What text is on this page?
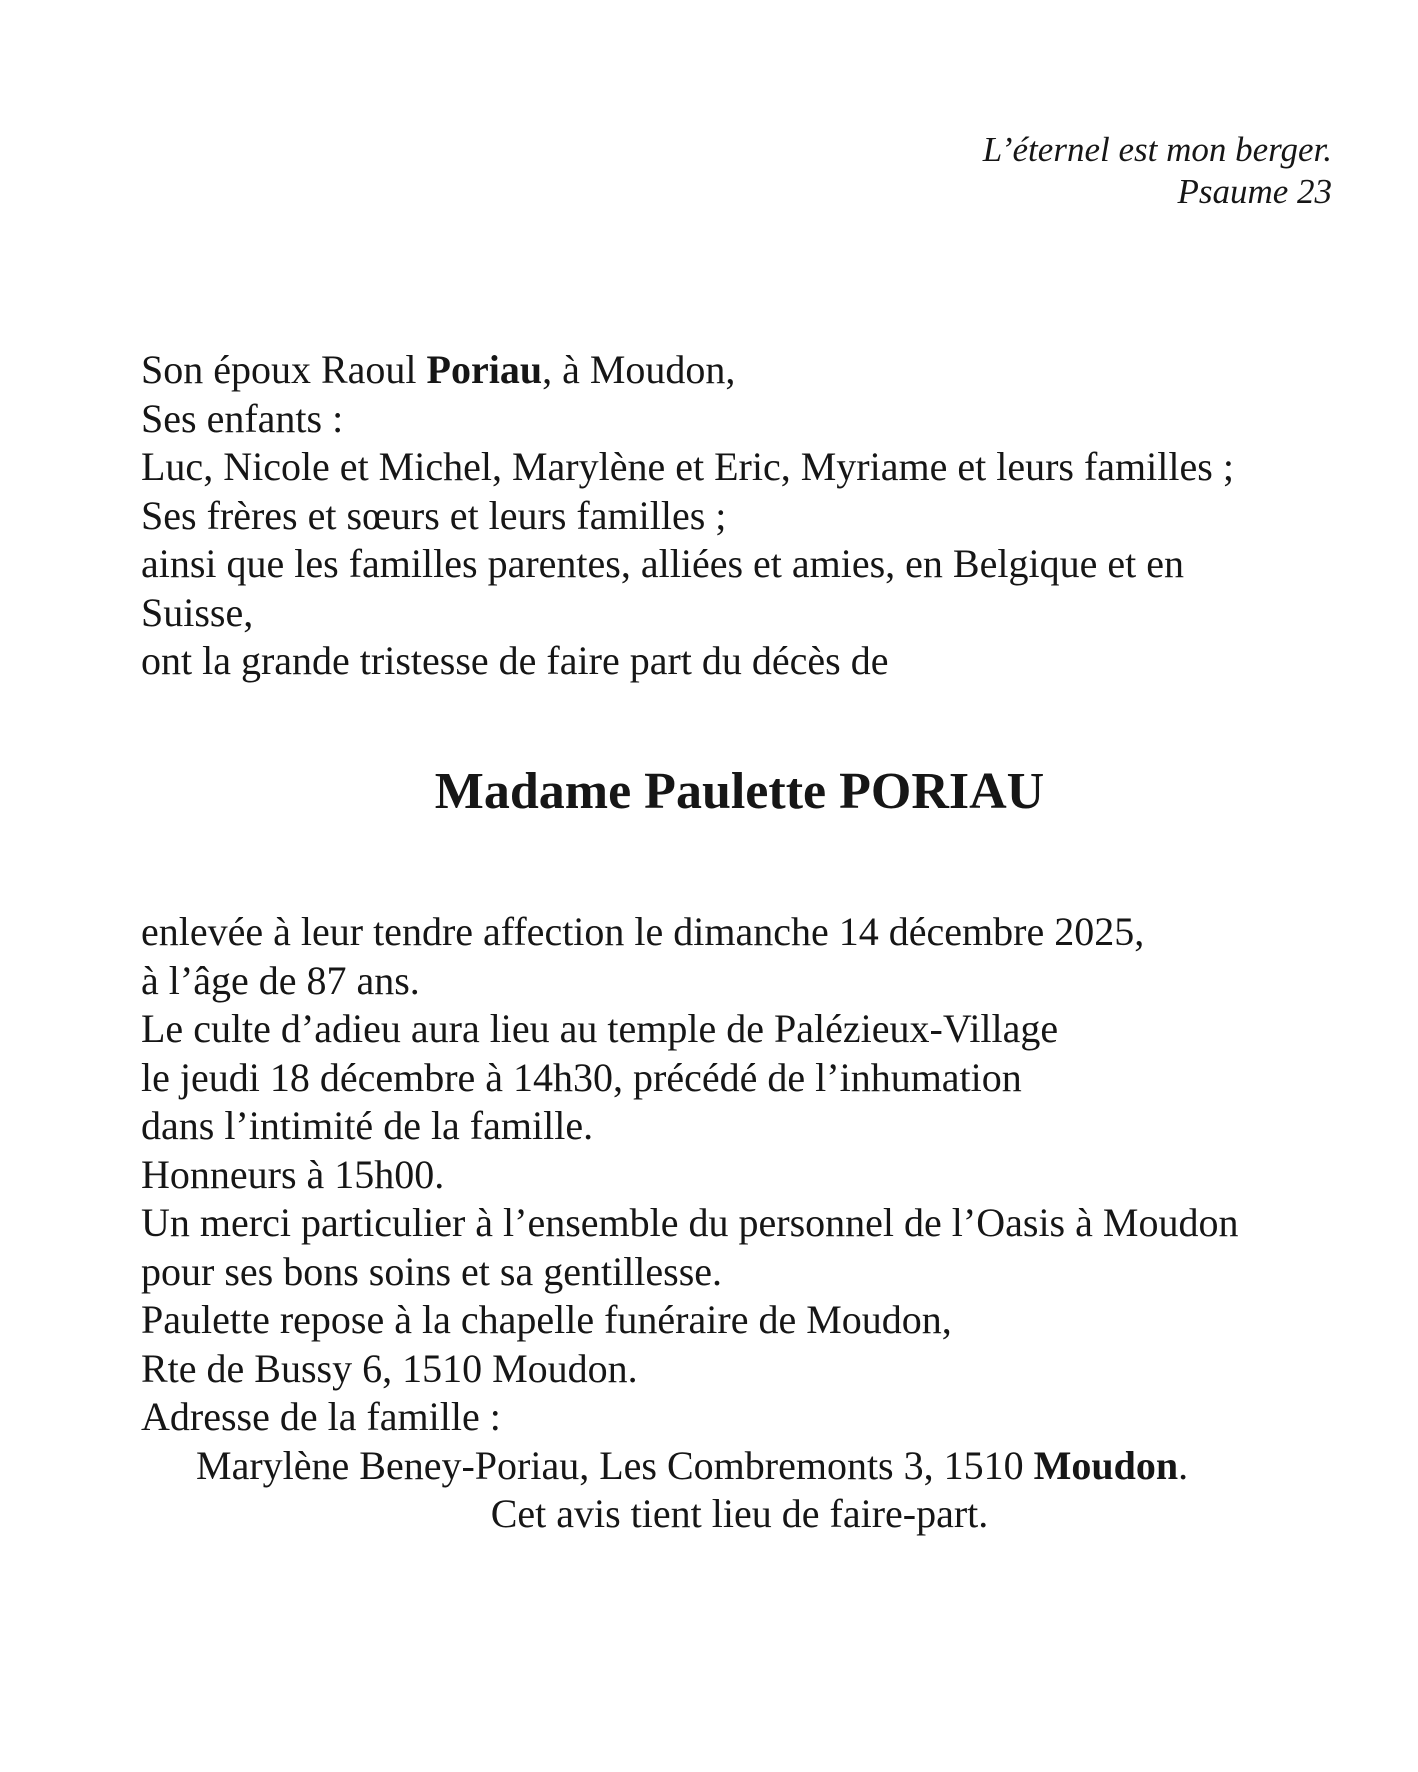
L’éternel est mon berger.
Psaume 23
Son époux Raoul Poriau, à Moudon,
Ses enfants :
Luc, Nicole et Michel, Marylène et Eric, Myriame et leurs familles ;
Ses frères et sœurs et leurs familles ;
ainsi que les familles parentes, alliées et amies, en Belgique et en
Suisse,
ont la grande tristesse de faire part du décès de
Madame Paulette PORIAU
enlevée à leur tendre affection le dimanche 14 décembre 2025,
à l’âge de 87 ans.
Le culte d’adieu aura lieu au temple de Palézieux-Village
le jeudi 18 décembre à 14h30, précédé de l’inhumation
dans l’intimité de la famille.
Honneurs à 15h00.
Un merci particulier à l’ensemble du personnel de l’Oasis à Moudon
pour ses bons soins et sa gentillesse.
Paulette repose à la chapelle funéraire de Moudon,
Rte de Bussy 6, 1510 Moudon.
Adresse de la famille :
Marylène Beney-Poriau, Les Combremonts 3, 1510 Moudon.
Cet avis tient lieu de faire-part.
